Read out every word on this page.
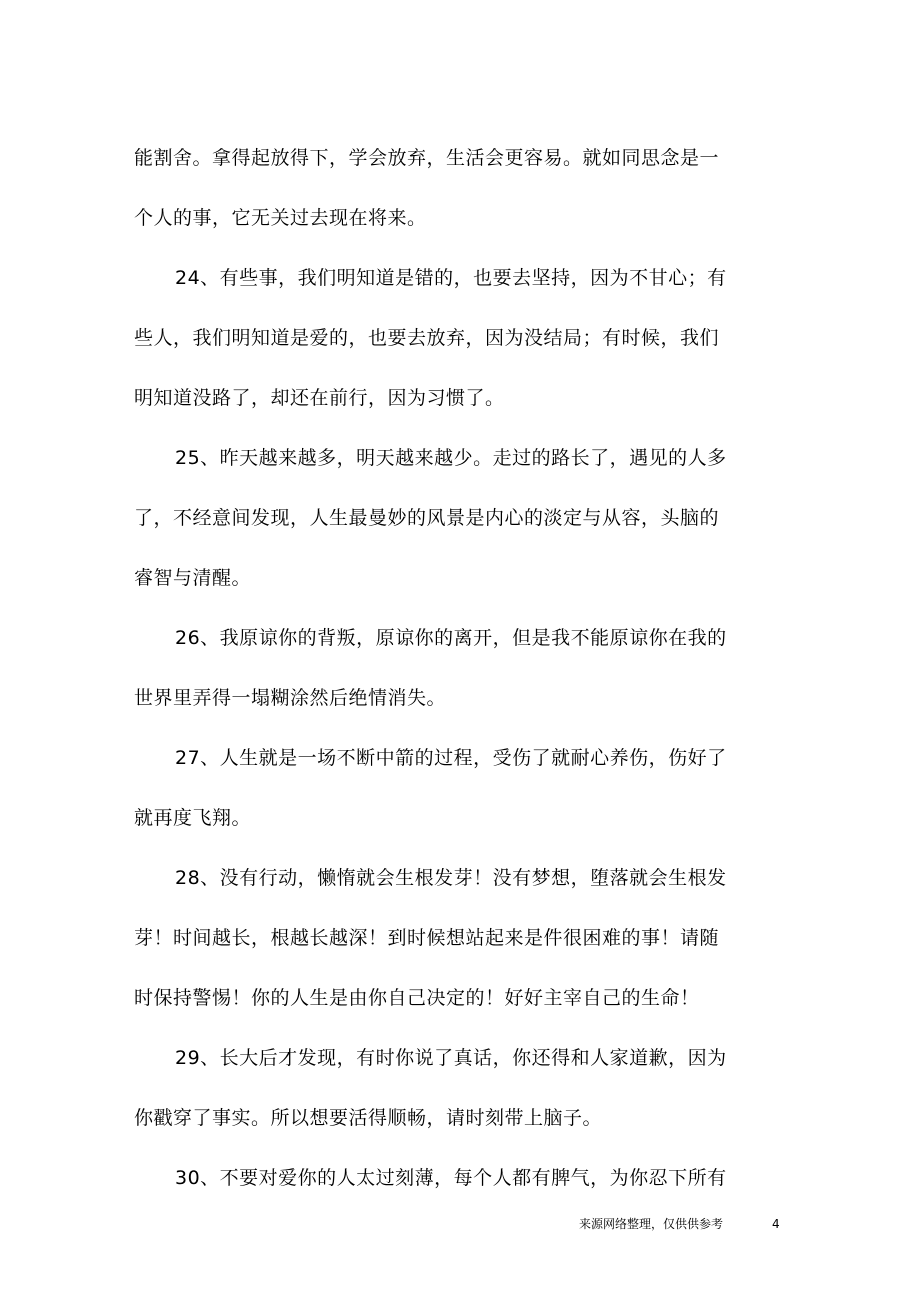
能割舍。拿得起放得下，学会放弃，生活会更容易。就如同思念是一
个人的事，它无关过去现在将来。
24、有些事，我们明知道是错的，也要去坚持，因为不甘心；有
些人，我们明知道是爱的，也要去放弃，因为没结局；有时候，我们
明知道没路了，却还在前行，因为习惯了。
25、昨天越来越多，明天越来越少。走过的路长了，遇见的人多
了，不经意间发现，人生最曼妙的风景是内心的淡定与从容，头脑的
睿智与清醒。
26、我原谅你的背叛，原谅你的离开，但是我不能原谅你在我的
世界里弄得一塌糊涂然后绝情消失。
27、人生就是一场不断中箭的过程，受伤了就耐心养伤，伤好了
就再度飞翔。
28、没有行动，懒惰就会生根发芽！没有梦想，堕落就会生根发
芽！时间越长，根越长越深！到时候想站起来是件很困难的事！请随
时保持警惕！你的人生是由你自己决定的！好好主宰自己的生命！
29、长大后才发现，有时你说了真话，你还得和人家道歉，因为
你戳穿了事实。所以想要活得顺畅，请时刻带上脑子。
30、不要对爱你的人太过刻薄，每个人都有脾气，为你忍下所有
来源网络整理，仅供供参考	4
